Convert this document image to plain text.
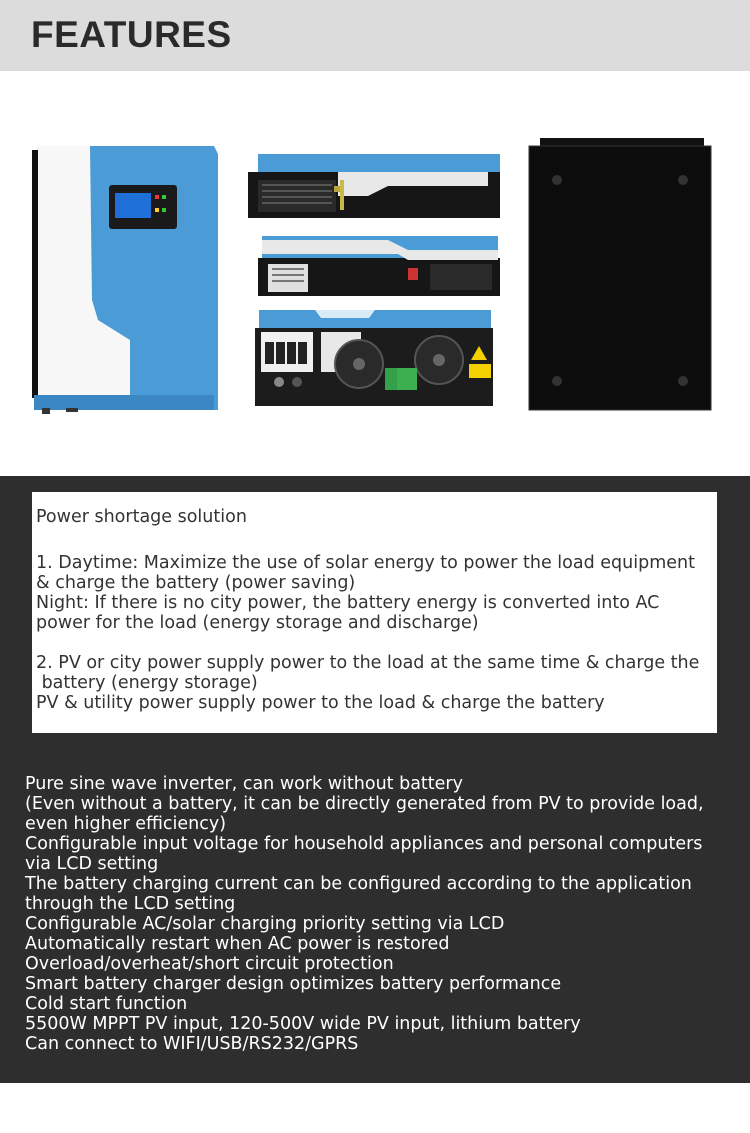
FEATURES

Power shortage solution

1. Daytime: Maximize the use of solar energy to power the load equipment

& charge the battery (power saving)

Night: If there is no city power, the battery energy is converted into AC

power for the load (energy storage and discharge)

2. PV or city power supply power to the load at the same time & charge the

battery (energy storage)

PV & utility power supply power to the load & charge the battery

Pure sine wave inverter, can work without battery
(Even without a battery, it can be directly generated from PV to provide load,
even higher efficiency)
Configurable input voltage for household appliances and personal computers
via LCD setting
The battery charging current can be configured according to the application
through the LCD setting
Configurable AC/solar charging priority setting via LCD
Automatically restart when AC power is restored
Overload/overheat/short circuit protection
Smart battery charger design optimizes battery performance
Cold start function
5500W MPPT PV input, 120-500V wide PV input, lithium battery
Can connect to WIFI/USB/RS232/GPRS
